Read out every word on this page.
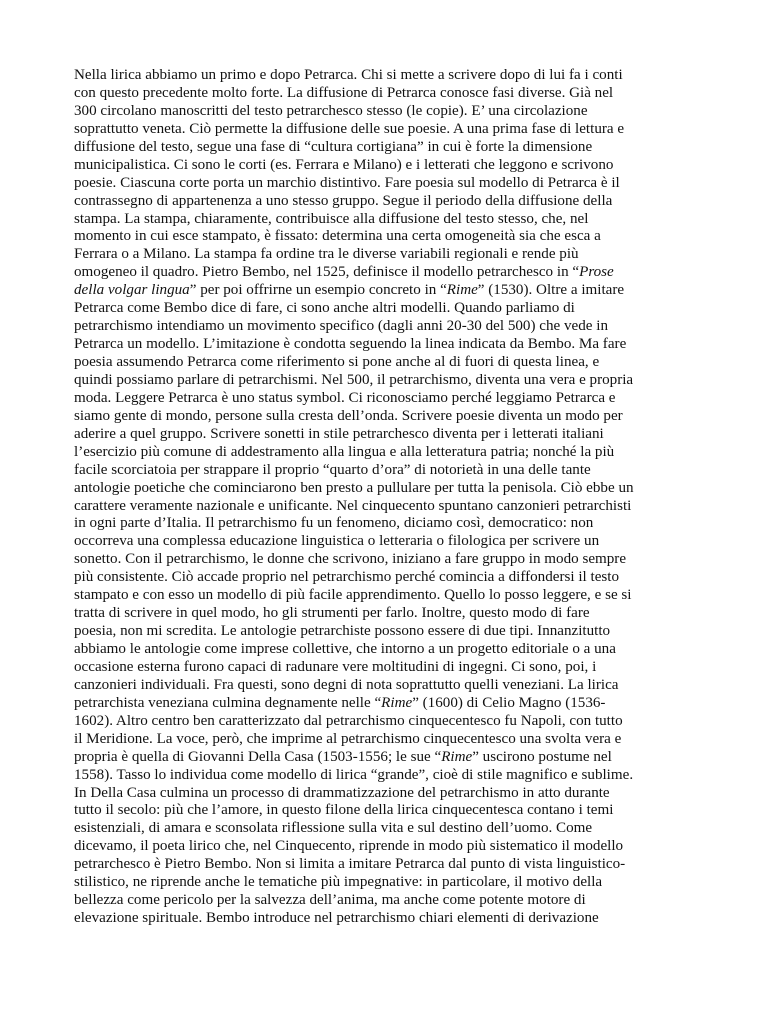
Nella lirica abbiamo un primo e dopo Petrarca. Chi si mette a scrivere dopo di lui fa i conti
con questo precedente molto forte. La diffusione di Petrarca conosce fasi diverse. Già nel
300 circolano manoscritti del testo petrarchesco stesso (le copie). E’ una circolazione
soprattutto veneta. Ciò permette la diffusione delle sue poesie. A una prima fase di lettura e
diffusione del testo, segue una fase di “cultura cortigiana” in cui è forte la dimensione
municipalistica. Ci sono le corti (es. Ferrara e Milano) e i letterati che leggono e scrivono
poesie. Ciascuna corte porta un marchio distintivo. Fare poesia sul modello di Petrarca è il
contrassegno di appartenenza a uno stesso gruppo. Segue il periodo della diffusione della
stampa. La stampa, chiaramente, contribuisce alla diffusione del testo stesso, che, nel
momento in cui esce stampato, è fissato: determina una certa omogeneità sia che esca a
Ferrara o a Milano. La stampa fa ordine tra le diverse variabili regionali e rende più
omogeneo il quadro. Pietro Bembo, nel 1525, definisce il modello petrarchesco in “Prose
della volgar lingua” per poi offrirne un esempio concreto in “Rime” (1530). Oltre a imitare
Petrarca come Bembo dice di fare, ci sono anche altri modelli. Quando parliamo di
petrarchismo intendiamo un movimento specifico (dagli anni 20-30 del 500) che vede in
Petrarca un modello. L’imitazione è condotta seguendo la linea indicata da Bembo. Ma fare
poesia assumendo Petrarca come riferimento si pone anche al di fuori di questa linea, e
quindi possiamo parlare di petrarchismi. Nel 500, il petrarchismo, diventa una vera e propria
moda. Leggere Petrarca è uno status symbol. Ci riconosciamo perché leggiamo Petrarca e
siamo gente di mondo, persone sulla cresta dell’onda. Scrivere poesie diventa un modo per
aderire a quel gruppo. Scrivere sonetti in stile petrarchesco diventa per i letterati italiani
l’esercizio più comune di addestramento alla lingua e alla letteratura patria; nonché la più
facile scorciatoia per strappare il proprio “quarto d’ora” di notorietà in una delle tante
antologie poetiche che cominciarono ben presto a pullulare per tutta la penisola. Ciò ebbe un
carattere veramente nazionale e unificante. Nel cinquecento spuntano canzonieri petrarchisti
in ogni parte d’Italia. Il petrarchismo fu un fenomeno, diciamo così, democratico: non
occorreva una complessa educazione linguistica o letteraria o filologica per scrivere un
sonetto. Con il petrarchismo, le donne che scrivono, iniziano a fare gruppo in modo sempre
più consistente. Ciò accade proprio nel petrarchismo perché comincia a diffondersi il testo
stampato e con esso un modello di più facile apprendimento. Quello lo posso leggere, e se si
tratta di scrivere in quel modo, ho gli strumenti per farlo. Inoltre, questo modo di fare
poesia, non mi scredita. Le antologie petrarchiste possono essere di due tipi. Innanzitutto
abbiamo le antologie come imprese collettive, che intorno a un progetto editoriale o a una
occasione esterna furono capaci di radunare vere moltitudini di ingegni. Ci sono, poi, i
canzonieri individuali. Fra questi, sono degni di nota soprattutto quelli veneziani. La lirica
petrarchista veneziana culmina degnamente nelle “Rime” (1600) di Celio Magno (1536-
1602). Altro centro ben caratterizzato dal petrarchismo cinquecentesco fu Napoli, con tutto
il Meridione. La voce, però, che imprime al petrarchismo cinquecentesco una svolta vera e
propria è quella di Giovanni Della Casa (1503-1556; le sue “Rime” uscirono postume nel
1558). Tasso lo individua come modello di lirica “grande”, cioè di stile magnifico e sublime.
In Della Casa culmina un processo di drammatizzazione del petrarchismo in atto durante
tutto il secolo: più che l’amore, in questo filone della lirica cinquecentesca contano i temi
esistenziali, di amara e sconsolata riflessione sulla vita e sul destino dell’uomo. Come
dicevamo, il poeta lirico che, nel Cinquecento, riprende in modo più sistematico il modello
petrarchesco è Pietro Bembo. Non si limita a imitare Petrarca dal punto di vista linguistico-
stilistico, ne riprende anche le tematiche più impegnative: in particolare, il motivo della
bellezza come pericolo per la salvezza dell’anima, ma anche come potente motore di
elevazione spirituale. Bembo introduce nel petrarchismo chiari elementi di derivazione
